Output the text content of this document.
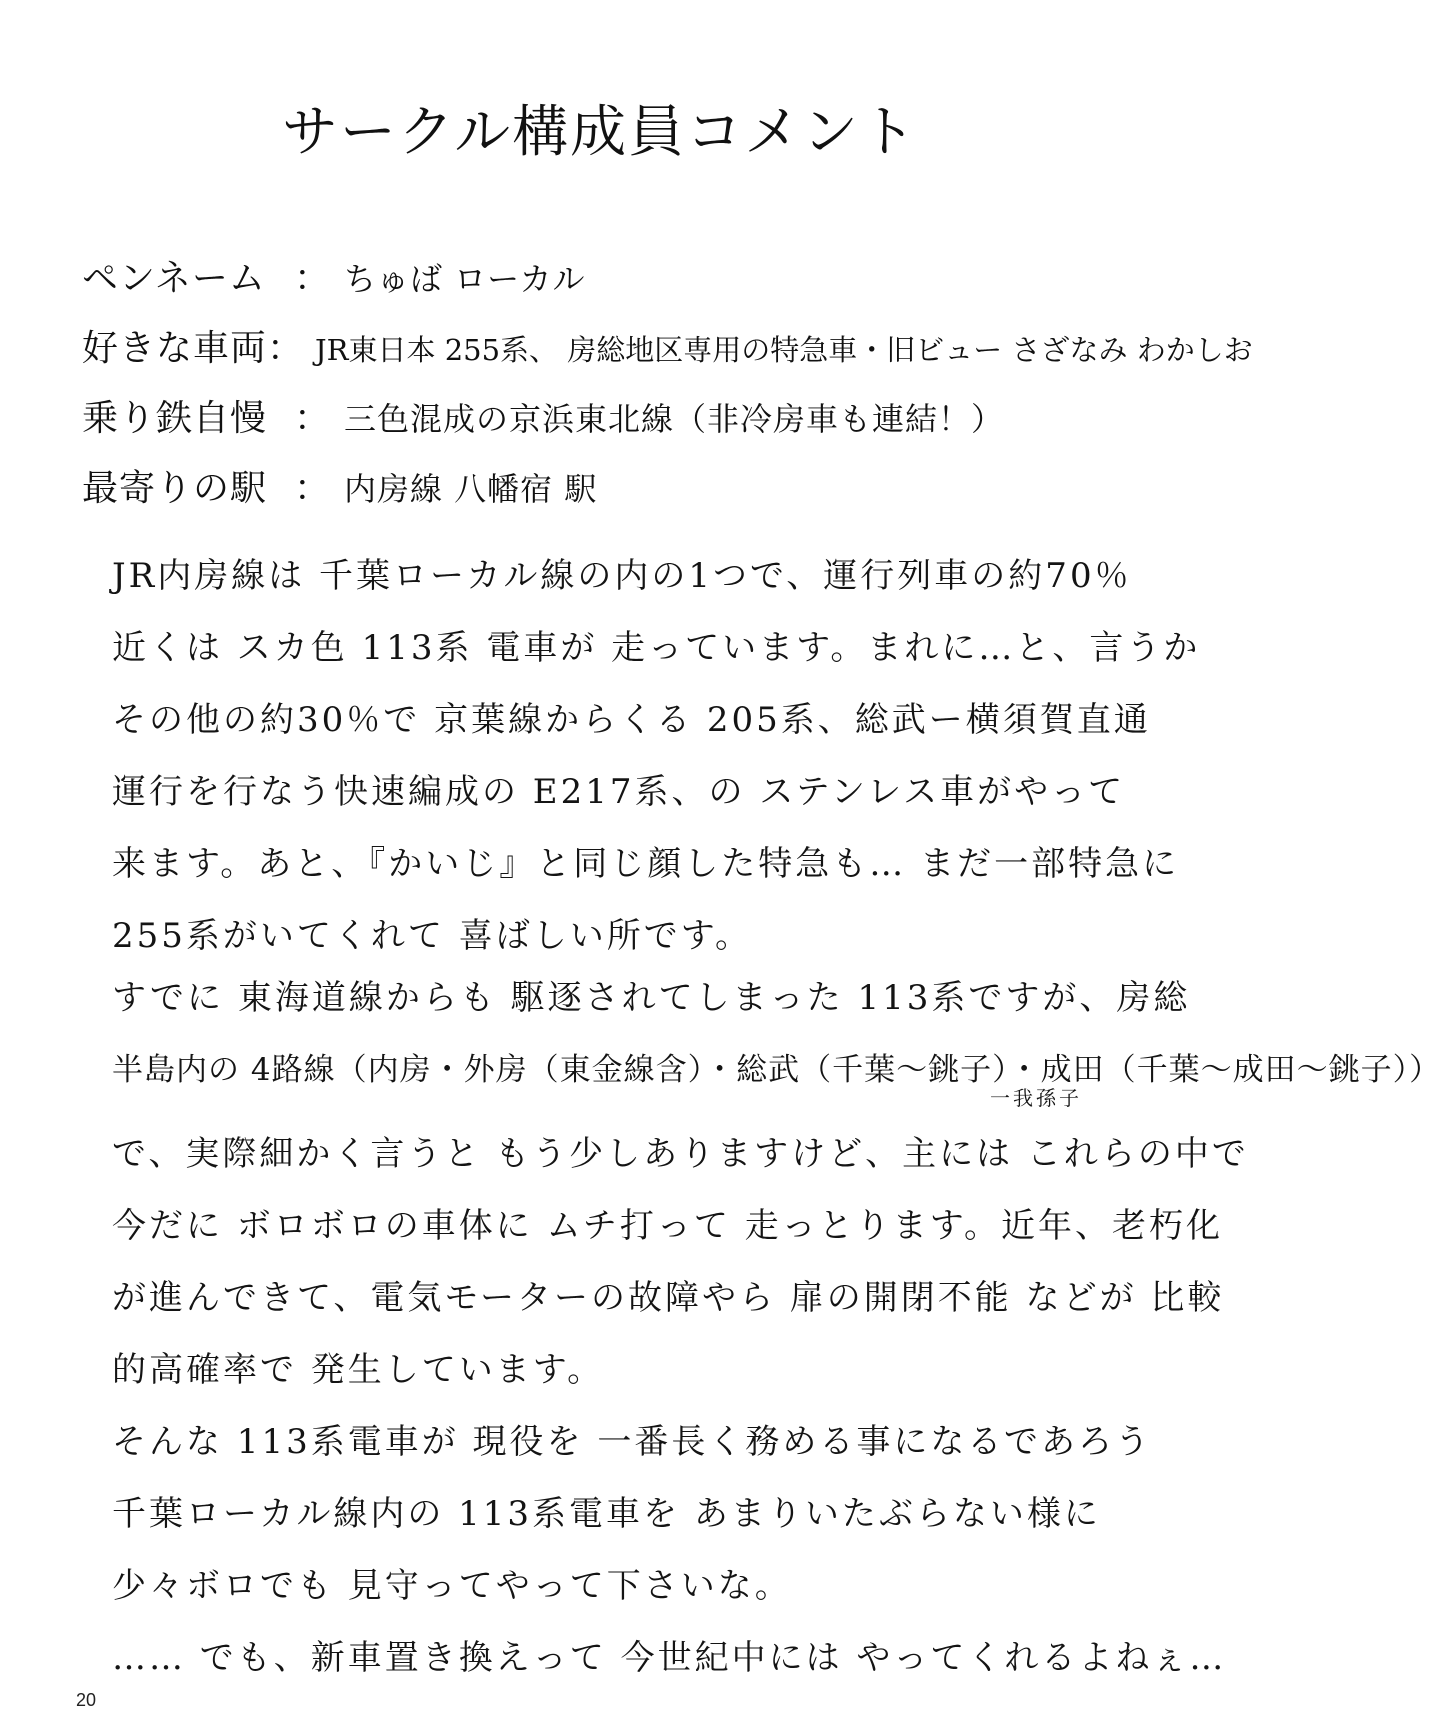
サークル構成員コメント
ペンネーム ： ちゅば ローカル
好きな車両 ： JR東日本 255系、 房総地区専用の特急車・旧ビュー さざなみ わかしお
乗り鉄自慢 ： 三色混成の京浜東北線（非冷房車も連結！）
最寄りの駅 ： 内房線 八幡宿 駅
JR内房線は 千葉ローカル線の内の1つで、運行列車の約70％
近くは スカ色 113系 電車が 走っています。まれに…と、言うか
その他の約30％で 京葉線からくる 205系、総武ー横須賀直通
運行を行なう快速編成の E217系、の ステンレス車がやって
来ます。あと、『かいじ』と同じ顔した特急も… まだ一部特急に
255系がいてくれて 喜ばしい所です。
すでに 東海道線からも 駆逐されてしまった 113系ですが、房総
半島内の 4路線（内房・外房（東金線含）・総武（千葉〜銚子）・成田（千葉〜成田〜銚子））
一我孫子
で、実際細かく言うと もう少しありますけど、主には これらの中で
今だに ボロボロの車体に ムチ打って 走っとります。近年、老朽化
が進んできて、電気モーターの故障やら 扉の開閉不能 などが 比較
的高確率で 発生しています。
そんな 113系電車が 現役を 一番長く務める事になるであろう
千葉ローカル線内の 113系電車を あまりいたぶらない様に
少々ボロでも 見守ってやって下さいな。
…… でも、新車置き換えって 今世紀中には やってくれるよねぇ…
20
